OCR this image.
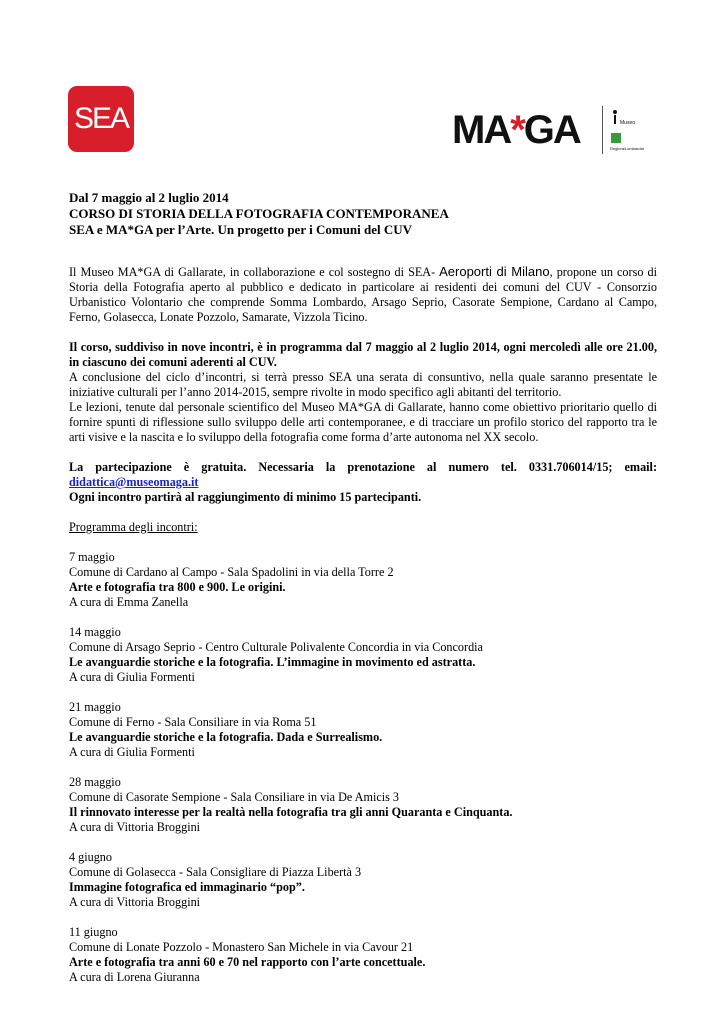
SEA	MA*GA	Museo
RegioneLombardia

Dal 7 maggio al 2 luglio 2014

CORSO DI STORIA DELLA FOTOGRAFIA CONTEMPORANEA

SEA e MA*GA per l’Arte. Un progetto per i Comuni del CUV

Il Museo MA*GA di Gallarate, in collaborazione e col sostegno di SEA- Aeroporti di Milano, propone un corso di Storia della Fotografia aperto al pubblico e dedicato in particolare ai residenti dei comuni del CUV - Consorzio Urbanistico Volontario che comprende Somma Lombardo, Arsago Seprio, Casorate Sempione, Cardano al Campo, Ferno, Golasecca, Lonate Pozzolo, Samarate, Vizzola Ticino.

Il corso, suddiviso in nove incontri, è in programma dal 7 maggio al 2 luglio 2014, ogni mercoledì alle ore 21.00, in ciascuno dei comuni aderenti al CUV.

A conclusione del ciclo d’incontri, si terrà presso SEA una serata di consuntivo, nella quale saranno presentate le iniziative culturali per l’anno 2014-2015, sempre rivolte in modo specifico agli abitanti del territorio.

Le lezioni, tenute dal personale scientifico del Museo MA*GA di Gallarate, hanno come obiettivo prioritario quello di fornire spunti di riflessione sullo sviluppo delle arti contemporanee, e di tracciare un profilo storico del rapporto tra le arti visive e la nascita e lo sviluppo della fotografia come forma d’arte autonoma nel XX secolo.

La partecipazione è gratuita. Necessaria la prenotazione al numero tel. 0331.706014/15; email: didattica@museomaga.it

Ogni incontro partirà al raggiungimento di minimo 15 partecipanti.

Programma degli incontri:

7 maggio

Comune di Cardano al Campo - Sala Spadolini in via della Torre 2

Arte e fotografia tra 800 e 900. Le origini.

A cura di Emma Zanella

14 maggio

Comune di Arsago Seprio - Centro Culturale Polivalente Concordia in via Concordia

Le avanguardie storiche e la fotografia. L’immagine in movimento ed astratta.

A cura di Giulia Formenti

21 maggio

Comune di Ferno - Sala Consiliare in via Roma 51

Le avanguardie storiche e la fotografia. Dada e Surrealismo.

A cura di Giulia Formenti

28 maggio

Comune di Casorate Sempione - Sala Consiliare in via De Amicis 3

Il rinnovato interesse per la realtà nella fotografia tra gli anni Quaranta e Cinquanta.

A cura di Vittoria Broggini

4 giugno

Comune di Golasecca - Sala Consigliare di Piazza Libertà 3

Immagine fotografica ed immaginario “pop”.

A cura di Vittoria Broggini

11 giugno

Comune di Lonate Pozzolo - Monastero San Michele in via Cavour 21

Arte e fotografia tra anni 60 e 70 nel rapporto con l’arte concettuale.

A cura di Lorena Giuranna
